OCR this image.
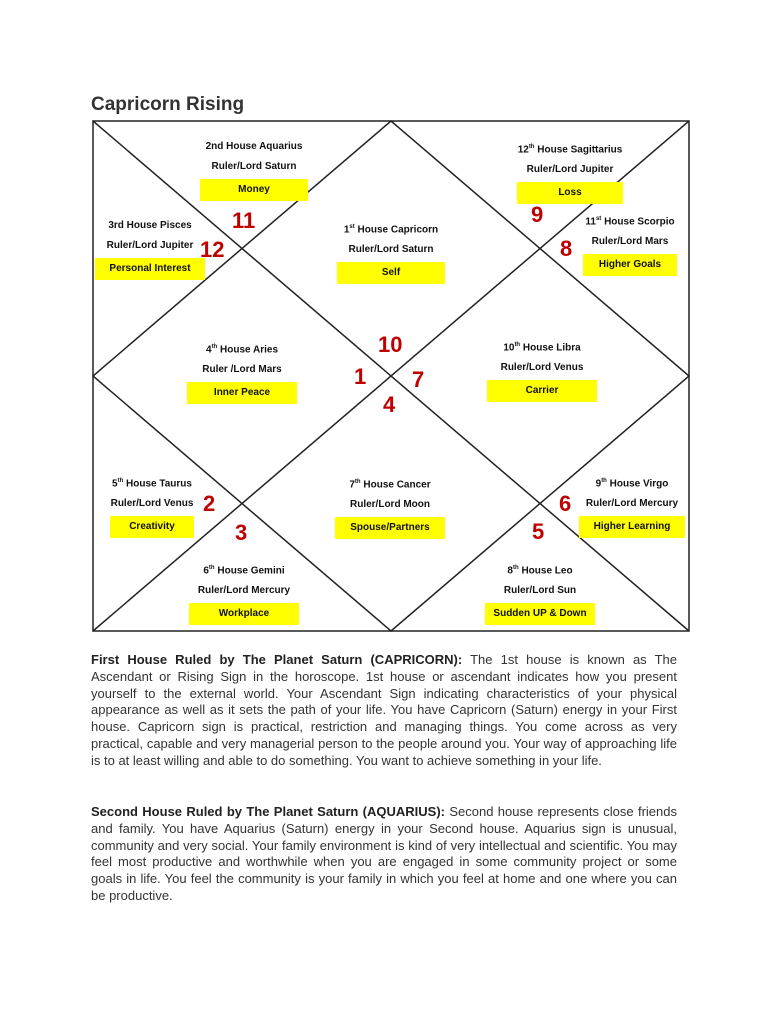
Capricorn Rising
2nd House Aquarius
Ruler/Lord Saturn
Money
12th House Sagittarius
Ruler/Lord Jupiter
Loss
3rd House Pisces
Ruler/Lord Jupiter
Personal Interest
1st House Capricorn
Ruler/Lord Saturn
Self
11st House Scorpio
Ruler/Lord Mars
Higher Goals
4th House Aries
Ruler /Lord Mars
Inner Peace
10th House Libra
Ruler/Lord Venus
Carrier
5th House Taurus
Ruler/Lord Venus
Creativity
7th House Cancer
Ruler/Lord Moon
Spouse/Partners
9th House Virgo
Ruler/Lord Mercury
Higher Learning
6th House Gemini
Ruler/Lord Mercury
Workplace
8th House Leo
Ruler/Lord Sun
Sudden UP & Down
11
12
9
8
10
1 7
4
2
3
6
5
First House Ruled by The Planet Saturn (CAPRICORN): The 1st house is known as The Ascendant or Rising Sign in the horoscope. 1st house or ascendant indicates how you present yourself to the external world. Your Ascendant Sign indicating characteristics of your physical appearance as well as it sets the path of your life. You have Capricorn (Saturn) energy in your First house. Capricorn sign is practical, restriction and managing things. You come across as very practical, capable and very managerial person to the people around you. Your way of approaching life is to at least willing and able to do something. You want to achieve something in your life.
Second House Ruled by The Planet Saturn (AQUARIUS): Second house represents close friends and family. You have Aquarius (Saturn) energy in your Second house. Aquarius sign is unusual, community and very social. Your family environment is kind of very intellectual and scientific. You may feel most productive and worthwhile when you are engaged in some community project or some goals in life. You feel the community is your family in which you feel at home and one where you can be productive.
